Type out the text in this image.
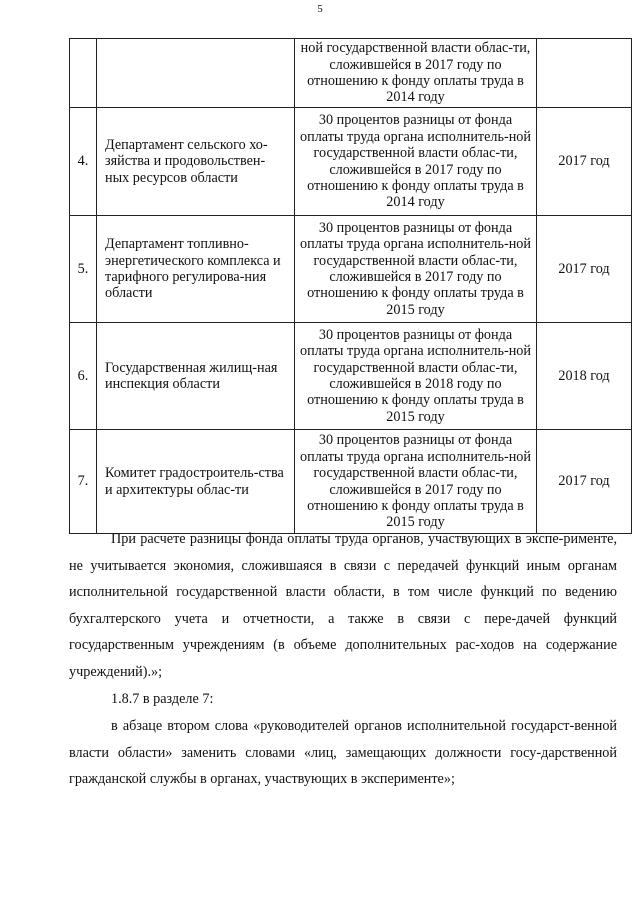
5

		ной государственной власти облас-ти, сложившейся в 2017 году по отношению к фонду оплаты труда в 2014 году	

4.	Департамент сельского хо-зяйства и продовольствен-ных ресурсов области	30 процентов разницы от фонда оплаты труда органа исполнитель-ной государственной власти облас-ти, сложившейся в 2017 году по отношению к фонду оплаты труда в 2014 году	2017 год
5.	Департамент топливно-энергетического комплекса и тарифного регулирова-ния области	30 процентов разницы от фонда оплаты труда органа исполнитель-ной государственной власти облас-ти, сложившейся в 2017 году по отношению к фонду оплаты труда в 2015 году	2017 год
6.	Государственная жилищ-ная инспекция области	30 процентов разницы от фонда оплаты труда органа исполнитель-ной государственной власти облас-ти, сложившейся в 2018 году по отношению к фонду оплаты труда в 2015 году	2018 год
7.	Комитет градостроитель-ства и архитектуры облас-ти	30 процентов разницы от фонда оплаты труда органа исполнитель-ной государственной власти облас-ти, сложившейся в 2017 году по отношению к фонду оплаты труда в 2015 году	2017 год
При расчете разницы фонда оплаты труда органов, участвующих в экспе-рименте, не учитывается экономия, сложившаяся в связи с передачей функций иным органам исполнительной государственной власти области, в том числе функций по ведению бухгалтерского учета и отчетности, а также в связи с пере-дачей функций государственным учреждениям (в объеме дополнительных рас-ходов на содержание учреждений).»;
1.8.7 в разделе 7:
в абзаце втором слова «руководителей органов исполнительной государст-венной власти области» заменить словами «лиц, замещающих должности госу-дарственной гражданской службы в органах, участвующих в эксперименте»;
